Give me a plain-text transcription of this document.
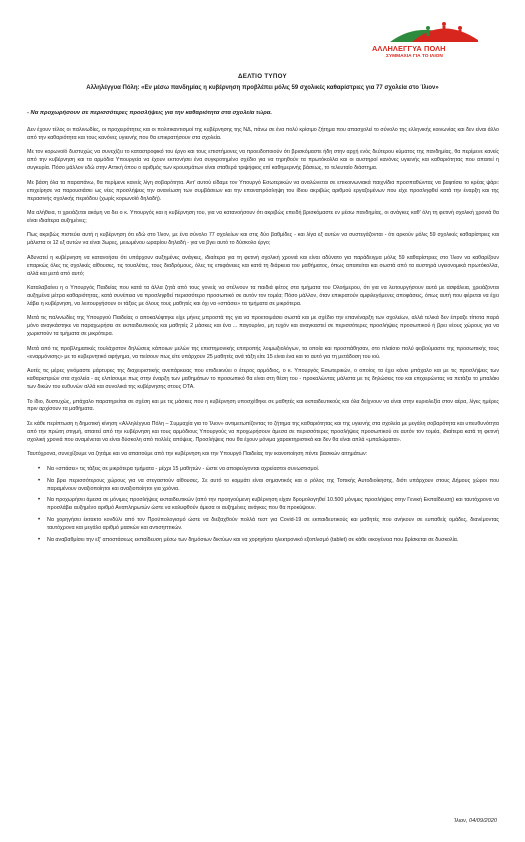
ΑΛΛΗΛΕΓΓΥΑ ΠΟΛΗ
ΣΥΜΜΑΧΙΑ ΓΙΑ ΤΟ ΙΛΙΟΝ
ΔΕΛΤΙΟ ΤΥΠΟΥ
Αλληλέγγυα Πόλη: «Εν μέσω πανδημίας η κυβέρνηση προβλέπει μόλις 59 σχολικές καθαρίστριες για 77 σχολεία στο Ίλιον»
- Να προχωρήσουν σε περισσότερες προσλήψεις για την καθαριότητα στα σχολεία τώρα.

Δεν έχουν τέλος οι παλινωδίες, οι προχειρότητες και οι πολιτικαντισμοί της κυβέρνησης της ΝΔ, πάνω σε ένα πολύ κρίσιμο ζήτημα που απασχολεί το σύνολο της ελληνικής κοινωνίας και δεν είναι άλλο από την καθαριότητα και τους κανόνες υγιεινής που θα επικρατήσουν στα σχολεία.

Με τον κορωνοϊό δυστυχώς να συνεχίζει το καταστροφικό του έργο και τους επιστήμονες να προειδοποιούν ότι βρισκόμαστε ήδη στην αρχή ενός δεύτερου κύματος της πανδημίας, θα περίμενε κανείς από την κυβέρνηση και τα αρμόδια Υπουργεία να έχουν εκπονήσει ένα συγκροτημένο σχέδιο για να τηρηθούν τα πρωτόκολλα και οι αυστηροί κανόνες υγιεινής και καθαριότητας που απαιτεί η συγκυρία. Πόσο μάλλον εδώ στην Αττική όπου ο αριθμός των κρουσμάτων είναι σταθερά τριψήφιος επί καθημερινής βάσεως, το τελευταίο διάστημα.

Με βάση όλα τα παραπάνω, θα περίμενε κανείς λίγη σοβαρότητα. Αντ' αυτού είδαμε τον Υπουργό Εσωτερικών να αναλώνεται σε επικοινωνιακά παιχνίδια προσπαθώντας να βαφτίσει το κρέας ψάρι: επιχείρησε να παρουσιάσει ως νέες προσλήψεις την ανανέωση των συμβάσεων και την επαναπρόσληψη του ίδιου ακριβώς αριθμού εργαζομένων που είχε προσληφθεί κατά την έναρξη και της περασινής σχολικής περιόδου (χωρίς κορωνοϊό δηλαδή).

Μα αλήθεια, τι χρειάζεται ακόμη να δει ο κ. Υπουργός και η κυβέρνηση του, για να κατανοήσουν ότι ακριβώς επειδή βρισκόμαστε εν μέσω πανδημίας, οι ανάγκες καθ' όλη τη φετινή σχολική χρονιά θα είναι ιδιαίτερα αυξημένες;

Πως ακριβώς πιστεύει αυτή η κυβέρνηση ότι εδώ στο Ίλιον, με ένα σύνολο 77 σχολείων και στις δύο βαθμίδες - και λίγα εξ αυτών να συστεγάζονται - ότι αρκούν μόλις 59 σχολικές καθαρίστριες και μάλιστα οι 12 εξ αυτών να είναι 3ωρες, μειωμένου ωραρίου δηλαδή - για να βγει αυτό το δύσκολο έργο;

Αδυνατεί η κυβέρνηση να κατανοήσει ότι υπάρχουν αυξημένες ανάγκες, ιδιαίτερα για τη φετινή σχολική χρονιά και είναι αδύνατο για παράδειγμα μόλις 59 καθαρίστριες στο Ίλιον να καθαρίζουν επαρκώς όλες τις σχολικές αίθουσες, τις τουαλέτες, τους διαδρόμους, όλες τις επιφάνειες και κατά τη διάρκεια του μαθήματος, όπως απαιτείται και σωστά από τα αυστηρά υγειονομικά πρωτόκολλα, αλλά και μετά από αυτό;

Καταλαβαίνει η ο Υπουργός Παιδείας που κατά τα άλλα ζητά από τους γονείς να στέλνουν τα παιδιά φέτος στα τμήματα του Ολοήμερου, ότι για να λειτουργήσουν αυτά με ασφάλεια, χρειάζονται αυξημένα μέτρα καθαριότητας, κατά συνέπεια να προσληφθεί περισσότερο προσωπικό σε αυτόν τον τομέα; Πόσο μάλλον, όταν επικρατούν αμφιλεγόμενες αποφάσεις, όπως αυτή που φέρεται να έχει λάβει η κυβέρνηση, να λειτουργήσουν οι τάξεις με όλους τους μαθητές και όχι να «σπάσει» τα τμήματα σε μικρότερα.

Μετά τις παλινωδίες της Υπουργού Παιδείας ο αποκαλύφτηκε είχε μήνες μπροστά της για να προετοιμάσει σωστά και με σχέδιο την επανέναρξη των σχολείων, αλλά τελικά δεν έπραξε τίποτα παρά μόνο αναγκάστηκε να παραχωρήσει σε εκπαιδευτικούς και μαθητές 2 μάσκες και ένα ... παγουρίνο, μη τυχόν και αναγκαστεί σε περισσότερες προσλήψεις προσωπικού ή βρει νέους χώρους για να χωριστούν τα τμήματα σε μικρότερα.

Μετά από τις προβληματικές τουλάχιστον δηλώσεις κάποιων μελών της επιστημονικής επιτροπής λοιμωξιολόγων, τα οποία και προσπάθησαν, στο πλαίσιο πολύ φοβούμαστε της προσωπικής τους «εναρμόνισης» με το κυβερνητικό αφήγημα, να πείσουν πως είτε υπάρχουν 25 μαθητές ανά τάξη είτε 15 είναι ένα και το αυτό για τη μετάδοση του ιού.

Αυτές τις μέρες γινόμαστε μάρτυρες της διαχειριστικής ανεπάρκειας που επιδεικνύει ο έτερος αρμόδιος, ο κ. Υπουργός Εσωτερικών, ο οποίος τα έχει κάνει μπάχαλο και με τις προσλήψεις των καθαριστριών στα σχολεία - ας ελπίσουμε πως στην έναρξη των μαθημάτων το προσωπικό θα είναι στη θέση του - προκαλώντας μάλιστα με τις δηλώσεις του και επιχειρώντας να πετάξει το μπαλάκι των δικών του ευθυνών αλλά και συνολικά της κυβέρνησης στους ΟΤΑ.

Το ίδιο, δυστυχώς, μπάχαλο παρατηρείται σε σχέση και με τις μάσκες που η κυβέρνηση υποσχέθηκε σε μαθητές και εκπαιδευτικούς και όλα δείχνουν να είναι στην κυριολεξία στον αέρα, λίγες ημέρες πριν αρχίσουν τα μαθήματα.

Σε κάθε περίπτωση η δημοτική κίνηση «Αλληλέγγυα Πόλη – Συμμαχία για το Ίλιον» αντιμετωπίζοντας το ζήτημα της καθαριότητας και της υγιεινής στα σχολεία με μεγάλη σοβαρότητα και υπευθυνότητα από την πρώτη στιγμή, απαιτεί από την κυβέρνηση και τους αρμόδιους Υπουργούς να προχωρήσουν άμεσα σε περισσότερες προσλήψεις προσωπικού σε αυτόν τον τομέα, ιδιαίτερα κατά τη φετινή σχολική χρονιά που αναμένεται να είναι δύσκολη από πολλές απόψεις. Προσλήψεις που θα έχουν μόνιμα χαρακτηριστικά και δεν θα είναι απλά «μπαλώματα».

Ταυτόχρονα, συνεχίζουμε να ζητάμε και να απαιτούμε από την κυβέρνηση και την Υπουργό Παιδείας την ικανοποίηση πέντε βασικών αιτημάτων:

• Να «σπάσει» τις τάξεις σε μικρότερα τμήματα - μέχρι 15 μαθητών - ώστε να αποφεύγονται αχρείαστοι συνωστισμοί.
• Να βρει περισσότερους χώρους για να στεγαστούν αίθουσες. Σε αυτό το κομμάτι είναι σημαντικός και ο ρόλος της Τοπικής Αυτοδιοίκησης, διότι υπάρχουν στους Δήμους χώροι που παραμένουν αναξιοποίητοι και αναξιοποίητοι για χρόνια.
• Να προχωρήσει άμεσα σε μόνιμες προσλήψεις εκπαιδευτικών (από την προηγούμενη κυβέρνηση είχαν δρομολογηθεί 10.500 μόνιμες προσλήψεις στην Γενική Εκπαίδευση) και ταυτόχρονα να προσλάβει αυξημένο αριθμό Αναπληρωτών ώστε να καλυφθούν άμεσα οι αυξημένες ανάγκες που θα προκύψουν.
• Να χορηγήσει έκτακτο κονδύλι από τον Προϋπολογισμό ώστε να διεξαχθούν πολλά τεστ για Covid-19 σε εκπαιδευτικούς και μαθητές που ανήκουν σε ευπαθείς ομάδες, διανέμοντας ταυτόχρονα και μεγάλο αριθμό μασκών και αντισηπτικών.
• Να αναβαθμίσει την εξ' αποστάσεως εκπαίδευση μέσω των δημόσιων δικτύων και να χορηγήσει ηλεκτρονικό εξοπλισμό (tablet) σε κάθε οικογένεια που βρίσκεται σε δυσκολία.
Ίλιον, 04/09/2020
